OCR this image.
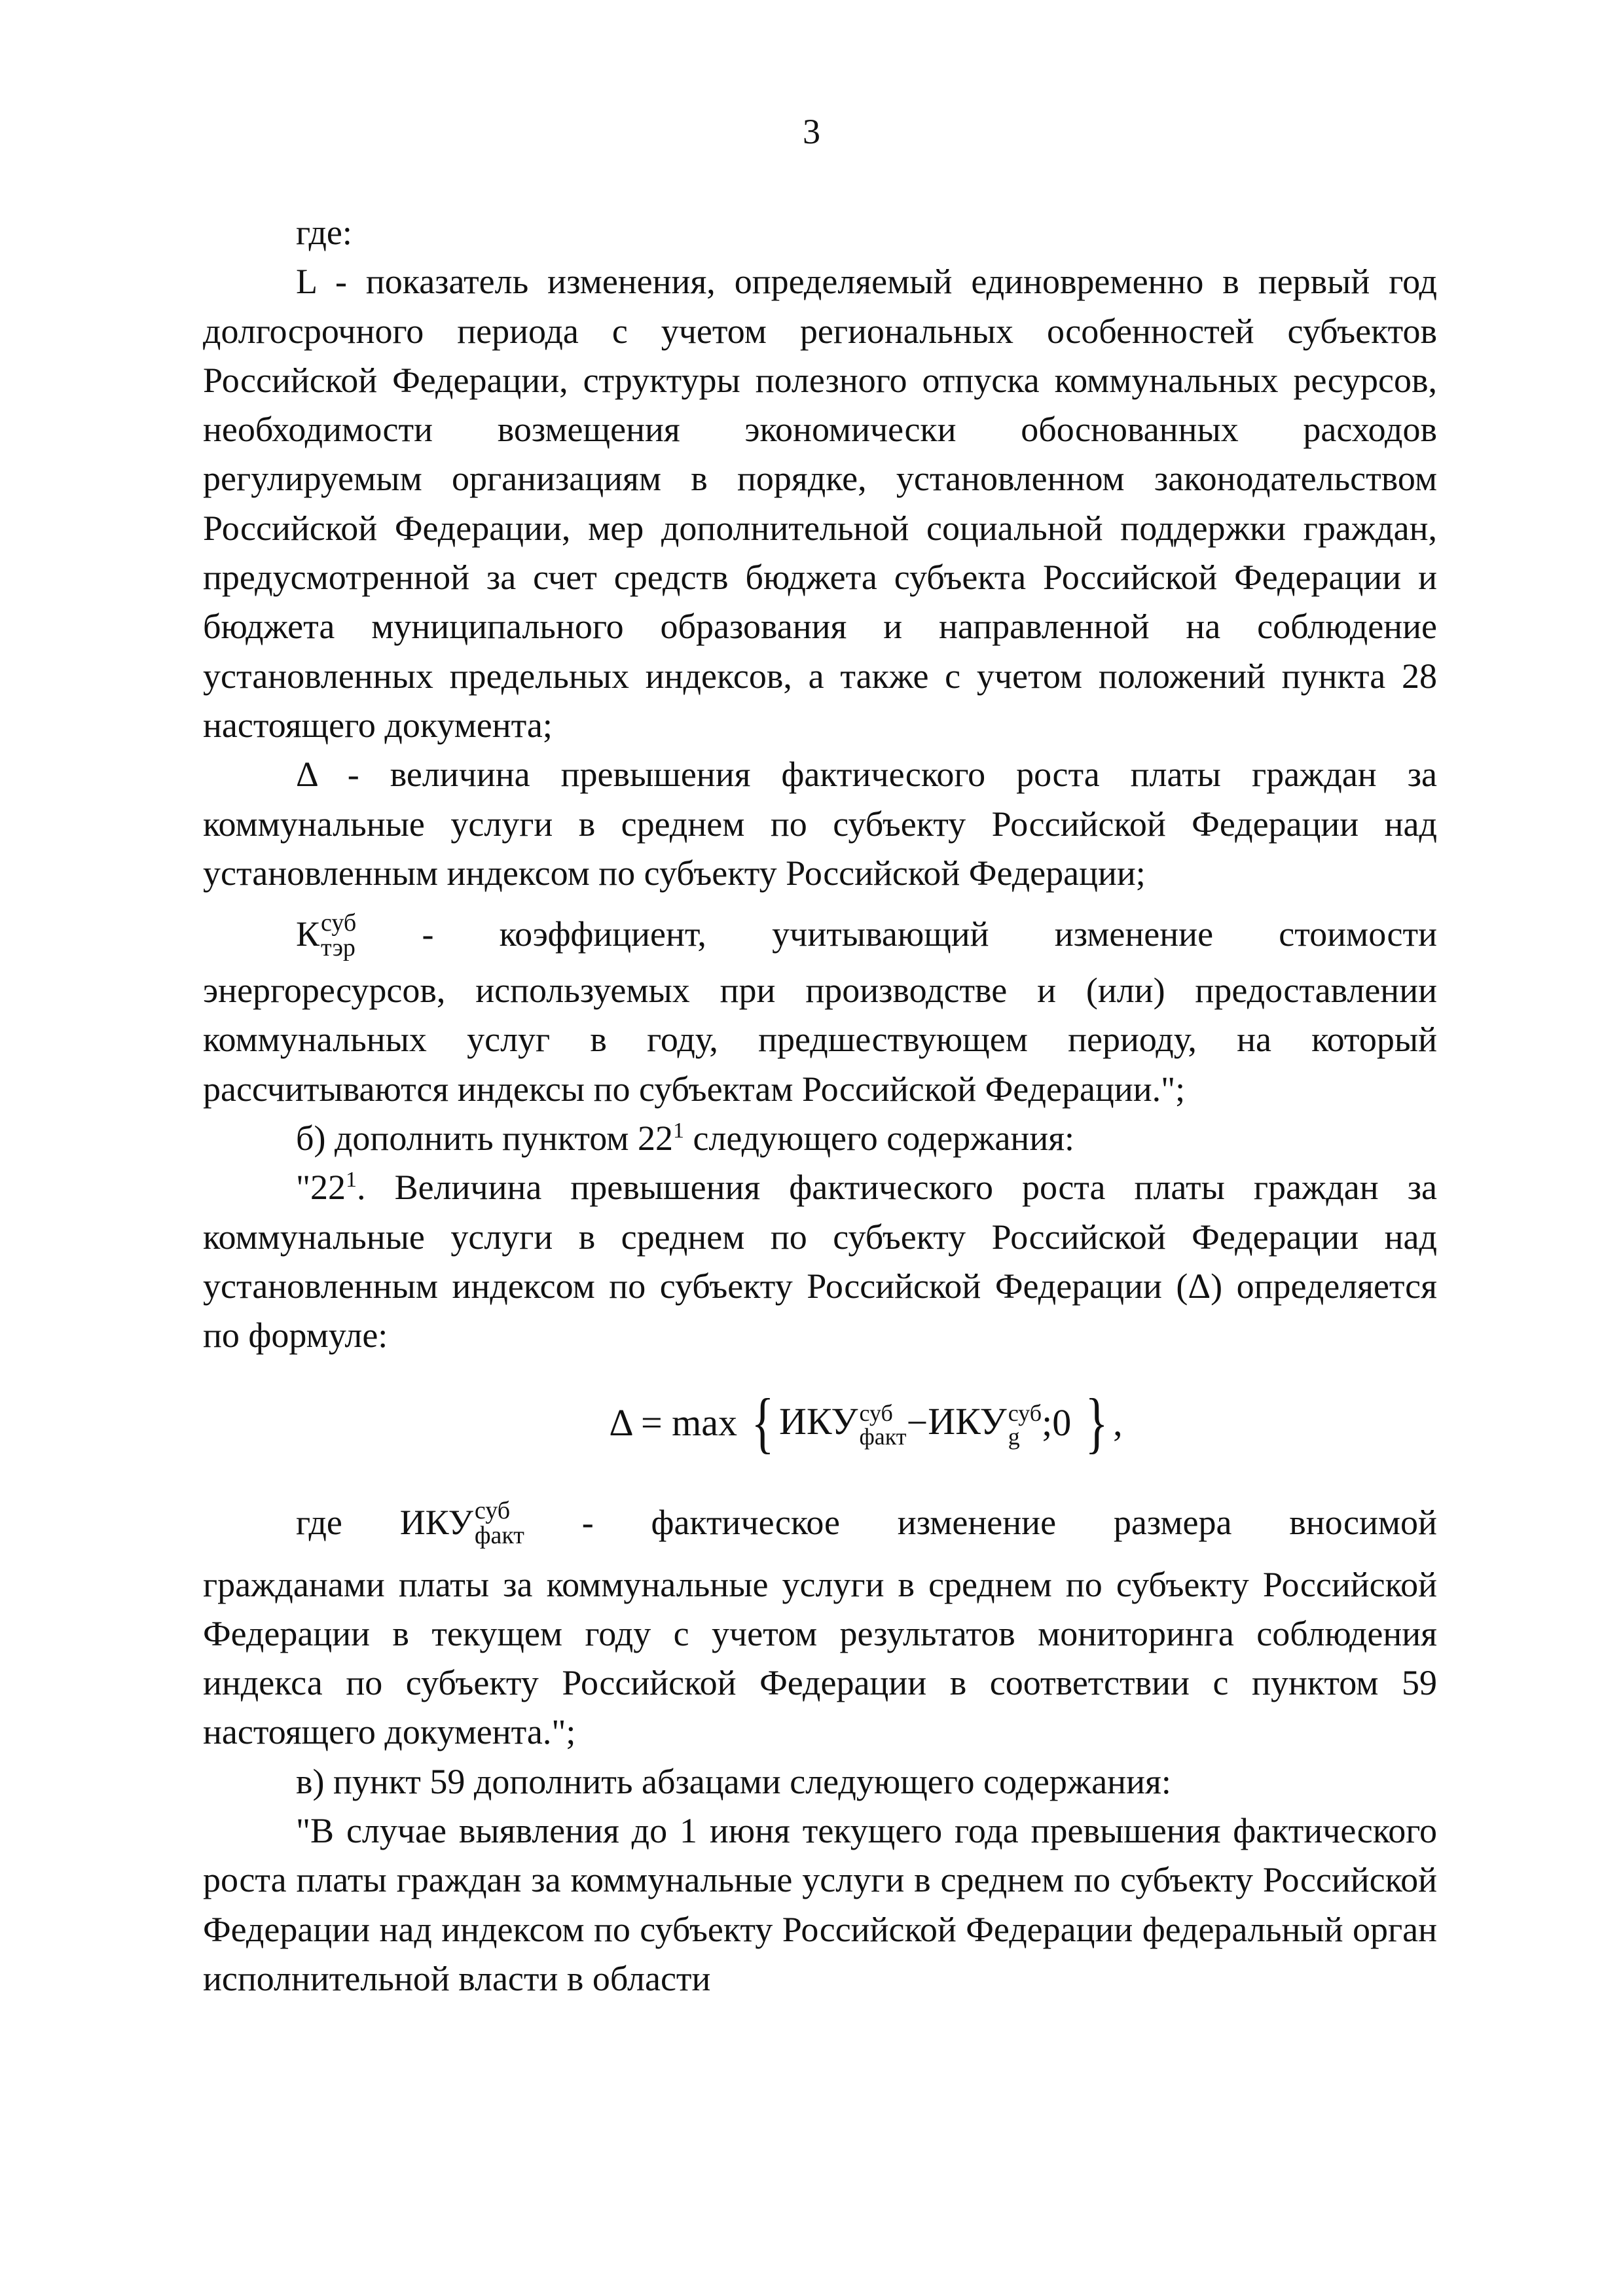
3

где:

L - показатель изменения, определяемый единовременно в первый год долгосрочного периода с учетом региональных особенностей субъектов Российской Федерации, структуры полезного отпуска коммунальных ресурсов, необходимости возмещения экономически обоснованных расходов регулируемым организациям в порядке, установленном законодательством Российской Федерации, мер дополнительной социальной поддержки граждан, предусмотренной за счет средств бюджета субъекта Российской Федерации и бюджета муниципального образования и направленной на соблюдение установленных предельных индексов, а также с учетом положений пункта 28 настоящего документа;

Δ - величина превышения фактического роста платы граждан за коммунальные услуги в среднем по субъекту Российской Федерации над установленным индексом по субъекту Российской Федерации;

К суб
тэр - коэффициент, учитывающий изменение стоимости

энергоресурсов, используемых при производстве и (или) предоставлении коммунальных услуг в году, предшествующем периоду, на который рассчитываются индексы по субъектам Российской Федерации.";

б) дополнить пунктом $22^1$ следующего содержания:

"$22^1$. Величина превышения фактического роста платы граждан за коммунальные услуги в среднем по субъекту Российской Федерации над установленным индексом по субъекту Российской Федерации (Δ) определяется по формуле:

Δ = max { ИКУ суб
факт − ИКУ суб
g ;0 } ,
где ИКУ суб
факт - фактическое изменение размера вносимой

гражданами платы за коммунальные услуги в среднем по субъекту Российской Федерации в текущем году с учетом результатов мониторинга соблюдения индекса по субъекту Российской Федерации в соответствии с пунктом 59 настоящего документа.";

в) пункт 59 дополнить абзацами следующего содержания:

"В случае выявления до 1 июня текущего года превышения фактического роста платы граждан за коммунальные услуги в среднем по субъекту Российской Федерации над индексом по субъекту Российской Федерации федеральный орган исполнительной власти в области
